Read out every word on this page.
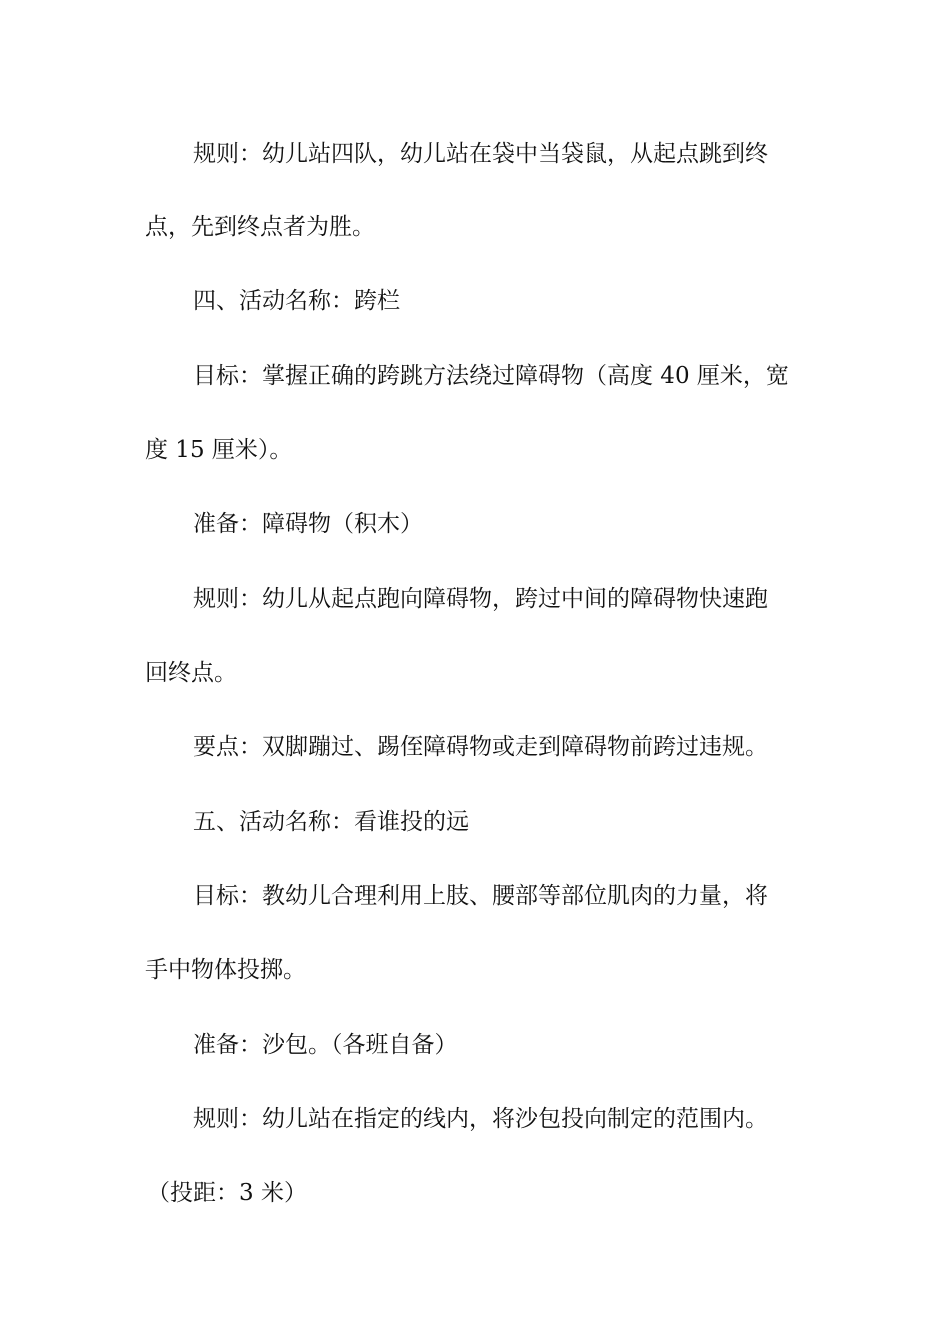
规则：幼儿站四队，幼儿站在袋中当袋鼠，从起点跳到终
点，先到终点者为胜。
四、活动名称：跨栏
目标：掌握正确的跨跳方法绕过障碍物（高度 40 厘米，宽
度 15 厘米）。
准备：障碍物（积木）
规则：幼儿从起点跑向障碍物，跨过中间的障碍物快速跑
回终点。
要点：双脚蹦过、踢侄障碍物或走到障碍物前跨过违规。
五、活动名称：看谁投的远
目标：教幼儿合理利用上肢、腰部等部位肌肉的力量，将
手中物体投掷。
准备：沙包。（各班自备）
规则：幼儿站在指定的线内，将沙包投向制定的范围内。
（投距：3 米）
